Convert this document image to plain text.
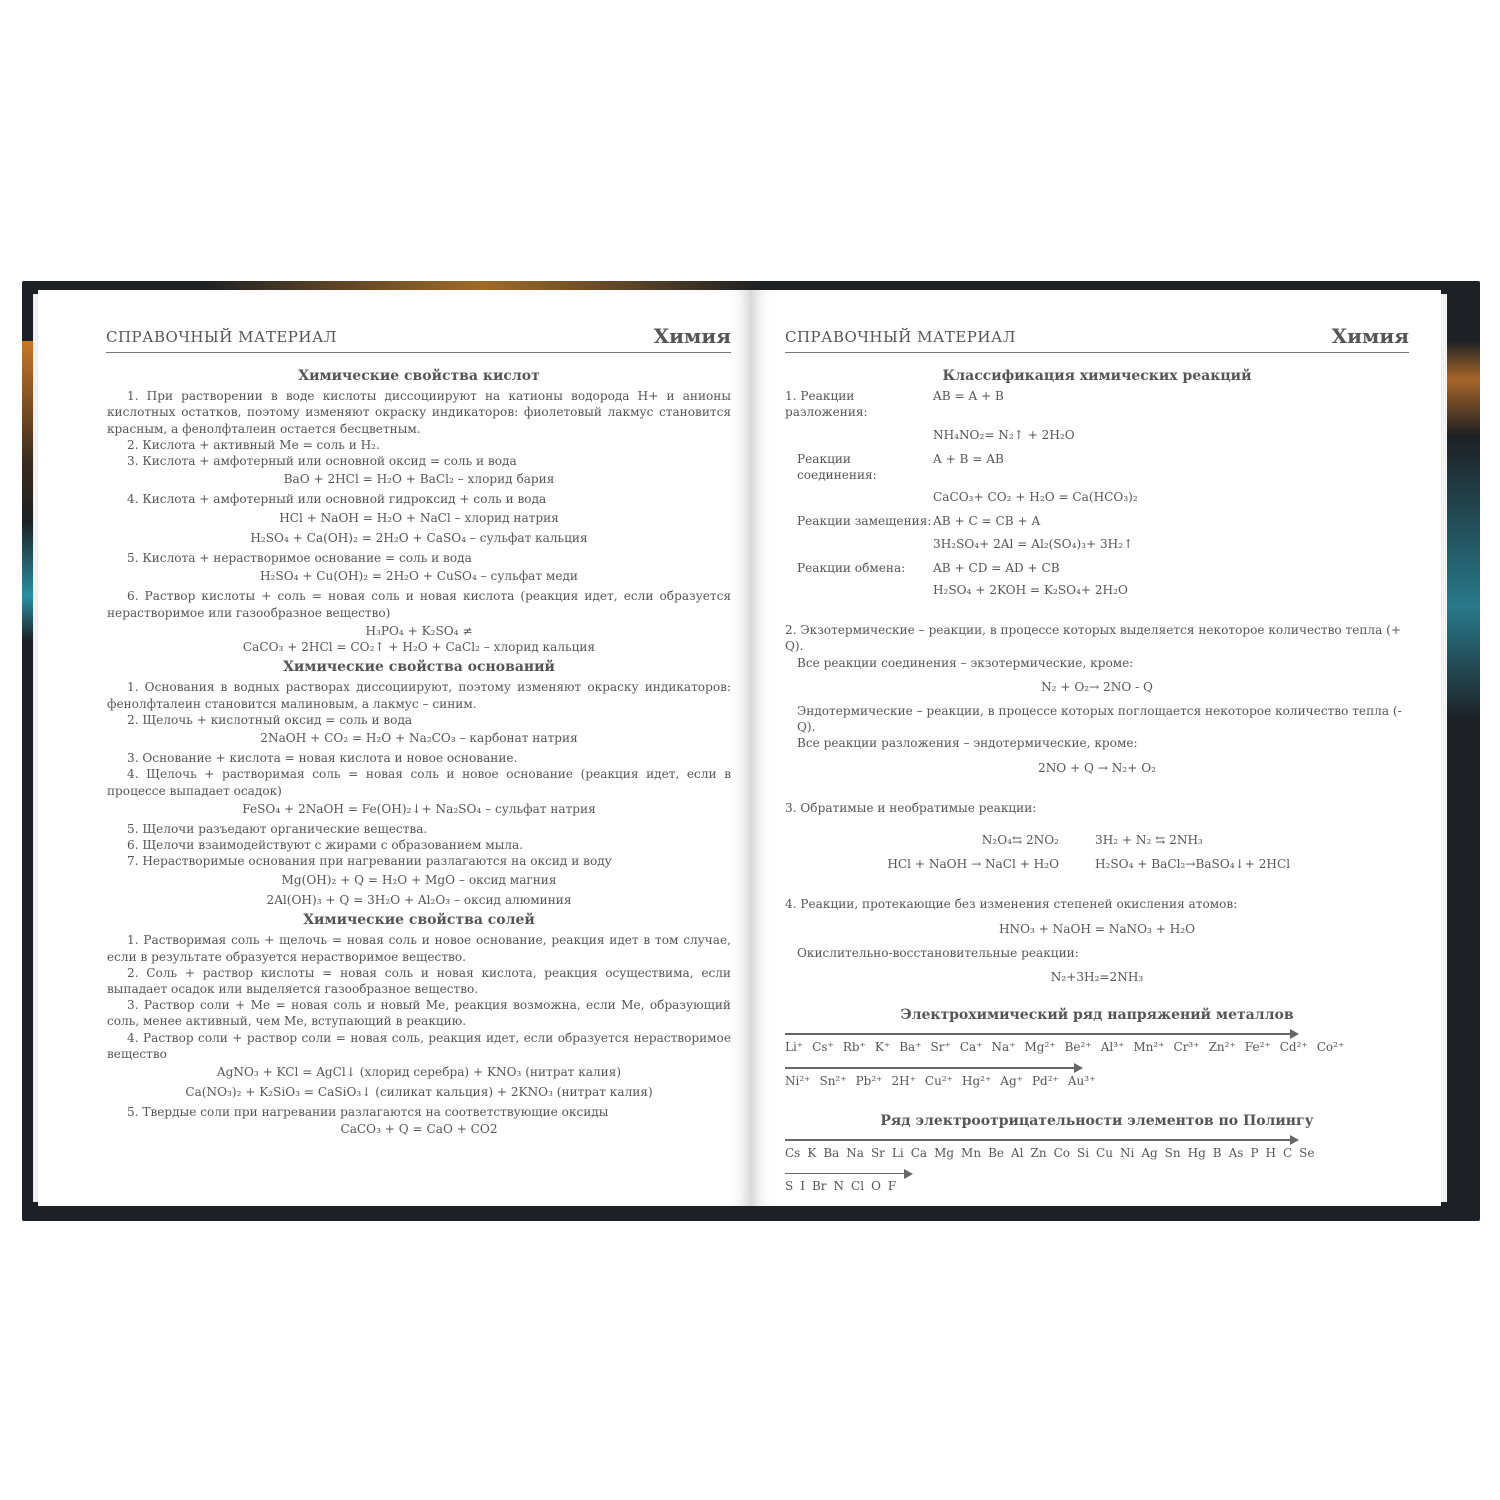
СПРАВОЧНЫЙ МАТЕРИАЛ	Химия
Химические свойства кислот
1. При растворении в воде кислоты диссоциируют на катионы водорода H+ и анионы кислотных остатков, поэтому изменяют окраску индикаторов: фиолетовый лакмус становится красным, а фенолфталеин остается бесцветным.
2. Кислота + активный Ме = соль и H₂.
3. Кислота + амфотерный или основной оксид = соль и вода
BaO + 2HCl = H₂O + BaCl₂ – хлорид бария
4. Кислота + амфотерный или основной гидроксид + соль и вода
HCl + NaOH = H₂O + NaCl – хлорид натрия
H₂SO₄ + Ca(OH)₂ = 2H₂O + CaSO₄ – сульфат кальция
5. Кислота + нерастворимое основание = соль и вода
H₂SO₄ + Cu(OH)₂ = 2H₂O + CuSO₄ – сульфат меди
6. Раствор кислоты + соль = новая соль и новая кислота (реакция идет, если образуется нерастворимое или газообразное вещество)
H₃PO₄ + K₂SO₄ ≠
CaCO₃ + 2HCl = CO₂↑ + H₂O + CaCl₂ – хлорид кальция
Химические свойства оснований
1. Основания в водных растворах диссоциируют, поэтому изменяют окраску индикаторов: фенолфталеин становится малиновым, а лакмус – синим.
2. Щелочь + кислотный оксид = соль и вода
2NaOH + CO₂ = H₂O + Na₂CO₃ – карбонат натрия
3. Основание + кислота = новая кислота и новое основание.
4. Щелочь + растворимая соль = новая соль и новое основание (реакция идет, если в процессе выпадает осадок)
FeSO₄ + 2NaOH = Fe(OH)₂↓+ Na₂SO₄ – сульфат натрия
5. Щелочи разъедают органические вещества.
6. Щелочи взаимодействуют с жирами с образованием мыла.
7. Нерастворимые основания при нагревании разлагаются на оксид и воду
Mg(OH)₂ + Q = H₂O + MgO – оксид магния
2Al(OH)₃ + Q = 3H₂O + Al₂O₃ – оксид алюминия
Химические свойства солей
1. Растворимая соль + щелочь = новая соль и новое основание, реакция идет в том случае, если в результате образуется нерастворимое вещество.
2. Соль + раствор кислоты = новая соль и новая кислота, реакция осуществима, если выпадает осадок или выделяется газообразное вещество.
3. Раствор соли + Ме = новая соль и новый Ме, реакция возможна, если Ме, образующий соль, менее активный, чем Ме, вступающий в реакцию.
4. Раствор соли + раствор соли = новая соль, реакция идет, если образуется нерастворимое вещество
AgNO₃ + KCl = AgCl↓ (хлорид серебра) + KNO₃ (нитрат калия)
Ca(NO₃)₂ + K₂SiO₃ = CaSiO₃↓ (силикат кальция) + 2KNO₃ (нитрат калия)
5. Твердые соли при нагревании разлагаются на соответствующие оксиды
CaCO₃ + Q = CaO + CO2
СПРАВОЧНЫЙ МАТЕРИАЛ	Химия
Классификация химических реакций
1. Реакции разложения:
AB = A + B
NH₄NO₂= N₂↑ + 2H₂O
Реакции соединения:
A + B = AB
CaCO₃+ CO₂ + H₂O = Ca(HCO₃)₂
Реакции замещения: AB + C = CB + A
3H₂SO₄+ 2Al = Al₂(SO₄)₃+ 3H₂↑
Реакции обмена:	AB + CD = AD + CB
H₂SO₄ + 2KOH = K₂SO₄+ 2H₂O
2. Экзотермические – реакции, в процессе которых выделяется некоторое количество тепла (+ Q).
Все реакции соединения – экзотермические, кроме:
N₂ + O₂→ 2NO - Q
Эндотермические – реакции, в процессе которых поглощается некоторое количество тепла (- Q).
Все реакции разложения – эндотермические, кроме:
2NO + Q → N₂+ O₂
3. Обратимые и необратимые реакции:
N₂O₄⇆ 2NO₂	3H₂ + N₂ ⇆ 2NH₃
HCl + NaOH → NaCl + H₂O	H₂SO₄ + BaCl₂→BaSO₄↓+ 2HCl
4. Реакции, протекающие без изменения степеней окисления атомов:
HNO₃ + NaOH = NaNO₃ + H₂O
Окислительно-восстановительные реакции:
N₂+3H₂=2NH₃
Электрохимический ряд напряжений металлов
Li⁺ Cs⁺ Rb⁺ K⁺ Ba⁺ Sr⁺ Ca⁺ Na⁺ Mg²⁺ Be²⁺ Al³⁺ Mn²⁺ Cr³⁺ Zn²⁺ Fe²⁺ Cd²⁺ Co²⁺
Ni²⁺ Sn²⁺ Pb²⁺ 2H⁺ Cu²⁺ Hg²⁺ Ag⁺ Pd²⁺ Au³⁺
Ряд электроотрицательности элементов по Полингу
Cs K Ba Na Sr Li Ca Mg Mn Be Al Zn Co Si Cu Ni Ag Sn Hg B As P H C Se
S I Br N Cl O F
